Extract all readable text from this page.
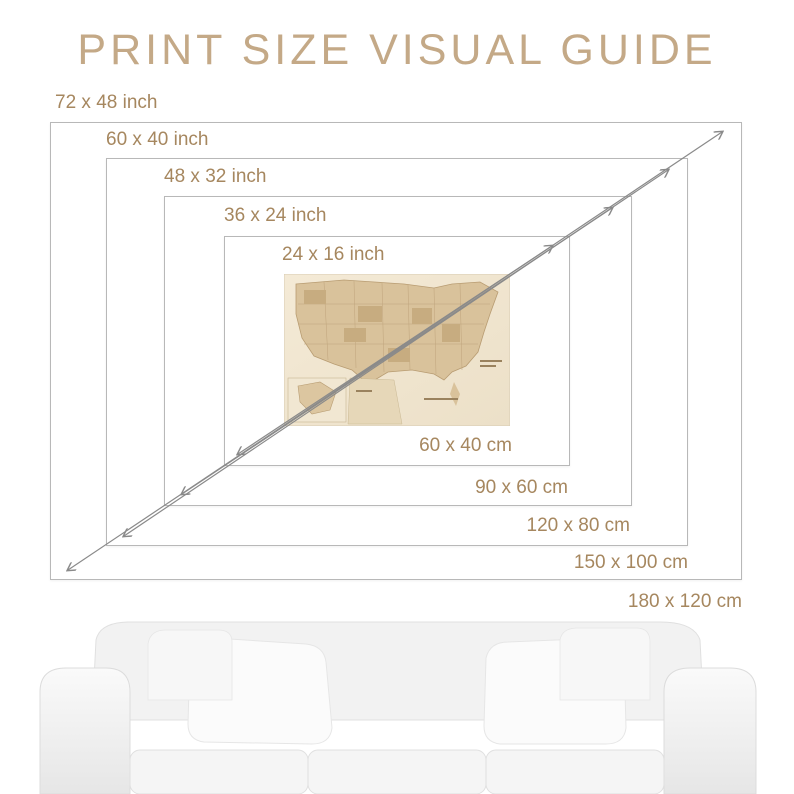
PRINT SIZE VISUAL GUIDE
72 x 48 inch
60 x 40 inch
48 x 32 inch
36 x 24 inch
24 x 16 inch
60 x 40 cm
90 x 60 cm
120 x 80 cm
150 x 100 cm
180 x 120 cm
